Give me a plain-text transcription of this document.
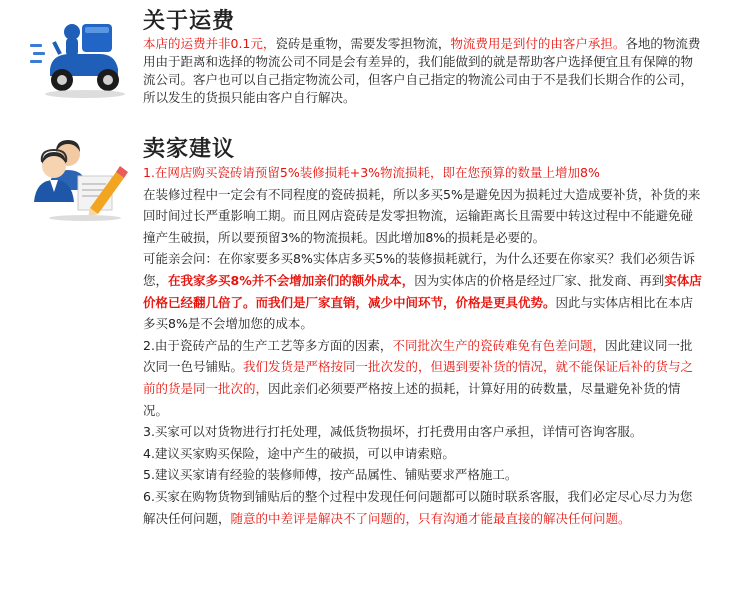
关于运费

本店的运费并非0.1元，瓷砖是重物，需要发零担物流，物流费用是到付的由客户承担。各地的物流费用由于距离和选择的物流公司不同是会有差异的，我们能做到的就是帮助客户选择便宜且有保障的物流公司。客户也可以自己指定物流公司，但客户自己指定的物流公司由于不是我们长期合作的公司，所以发生的货损只能由客户自行解决。

卖家建议

1.在网店购买瓷砖请预留5%装修损耗+3%物流损耗，即在您预算的数量上增加8%

在装修过程中一定会有不同程度的瓷砖损耗，所以多买5%是避免因为损耗过大造成要补货，补货的来回时间过长严重影响工期。而且网店瓷砖是发零担物流，运输距离长且需要中转这过程中不能避免碰撞产生破损，所以要预留3%的物流损耗。因此增加8%的损耗是必要的。

可能亲会问：在你家要多买8%实体店多买5%的装修损耗就行，为什么还要在你家买？我们必须告诉您，在我家多买8%并不会增加亲们的额外成本，因为实体店的价格是经过厂家、批发商、再到实体店价格已经翻几倍了。而我们是厂家直销，减少中间环节，价格是更具优势。因此与实体店相比在本店多买8%是不会增加您的成本。

2.由于瓷砖产品的生产工艺等多方面的因素，不同批次生产的瓷砖难免有色差问题，因此建议同一批次同一色号铺贴。我们发货是严格按同一批次发的，但遇到要补货的情况，就不能保证后补的货与之前的货是同一批次的，因此亲们必须要严格按上述的损耗，计算好用的砖数量，尽量避免补货的情况。

3.买家可以对货物进行打托处理，减低货物损坏，打托费用由客户承担，详情可咨询客服。

4.建议买家购买保险，途中产生的破损，可以申请索赔。

5.建议买家请有经验的装修师傅，按产品属性、铺贴要求严格施工。

6.买家在购物货物到铺贴后的整个过程中发现任何问题都可以随时联系客服，我们必定尽心尽力为您解决任何问题，随意的中差评是解决不了问题的，只有沟通才能最直接的解决任何问题。
